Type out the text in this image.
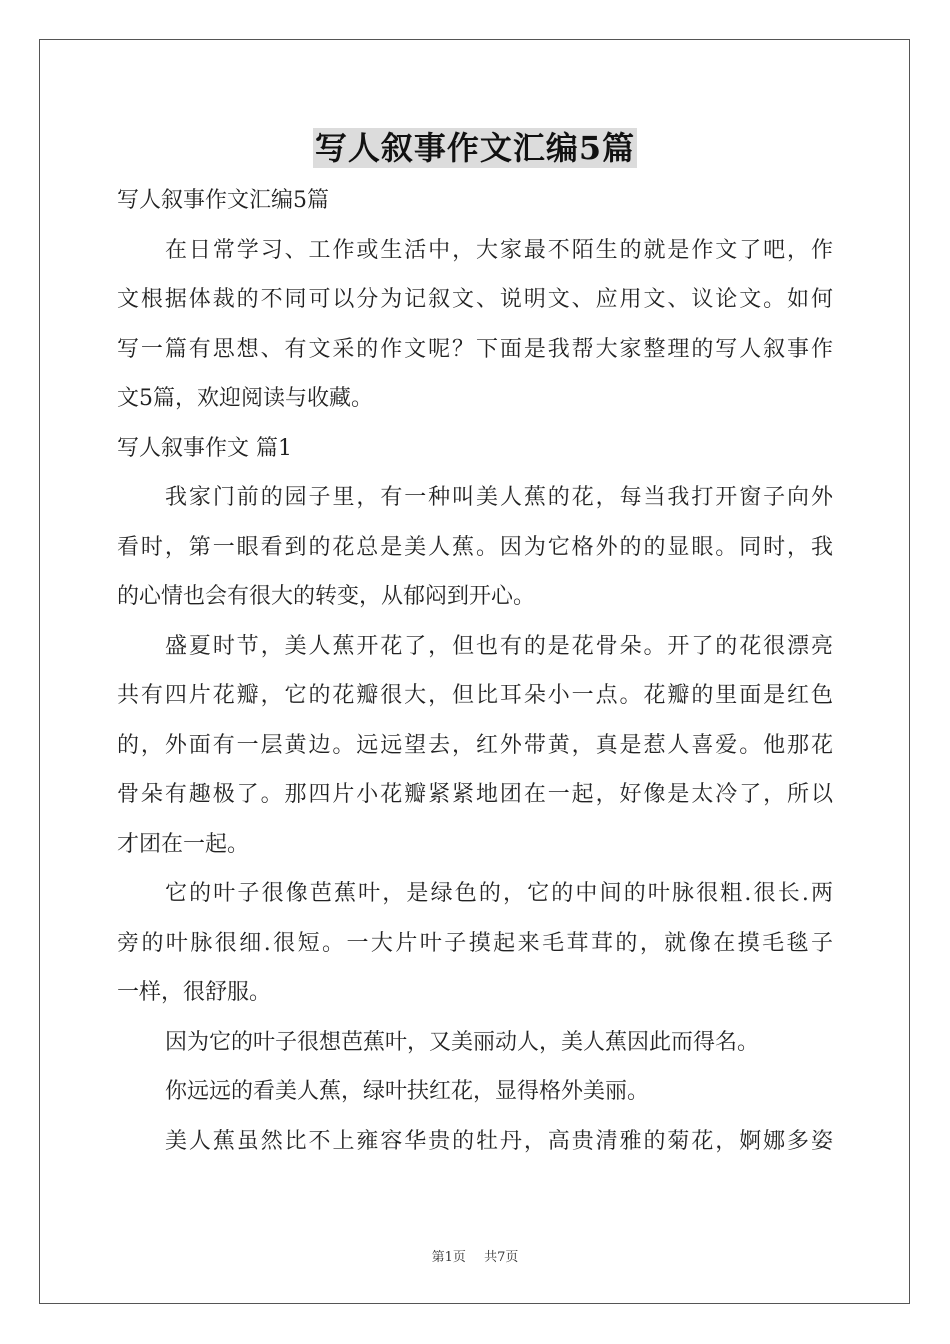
写人叙事作文汇编5篇
写人叙事作文汇编5篇
在日常学习、工作或生活中，大家最不陌生的就是作文了吧，作
文根据体裁的不同可以分为记叙文、说明文、应用文、议论文。如何
写一篇有思想、有文采的作文呢？下面是我帮大家整理的写人叙事作
文5篇，欢迎阅读与收藏。
写人叙事作文 篇1
我家门前的园子里，有一种叫美人蕉的花，每当我打开窗子向外
看时，第一眼看到的花总是美人蕉。因为它格外的的显眼。同时，我
的心情也会有很大的转变，从郁闷到开心。
盛夏时节，美人蕉开花了，但也有的是花骨朵。开了的花很漂亮
共有四片花瓣，它的花瓣很大，但比耳朵小一点。花瓣的里面是红色
的，外面有一层黄边。远远望去，红外带黄，真是惹人喜爱。他那花
骨朵有趣极了。那四片小花瓣紧紧地团在一起，好像是太冷了，所以
才团在一起。
它的叶子很像芭蕉叶，是绿色的，它的中间的叶脉很粗.很长.两
旁的叶脉很细.很短。一大片叶子摸起来毛茸茸的，就像在摸毛毯子
一样，很舒服。
因为它的叶子很想芭蕉叶，又美丽动人，美人蕉因此而得名。
你远远的看美人蕉，绿叶扶红花，显得格外美丽。
美人蕉虽然比不上雍容华贵的牡丹，高贵清雅的菊花，婀娜多姿
第1页 共7页
